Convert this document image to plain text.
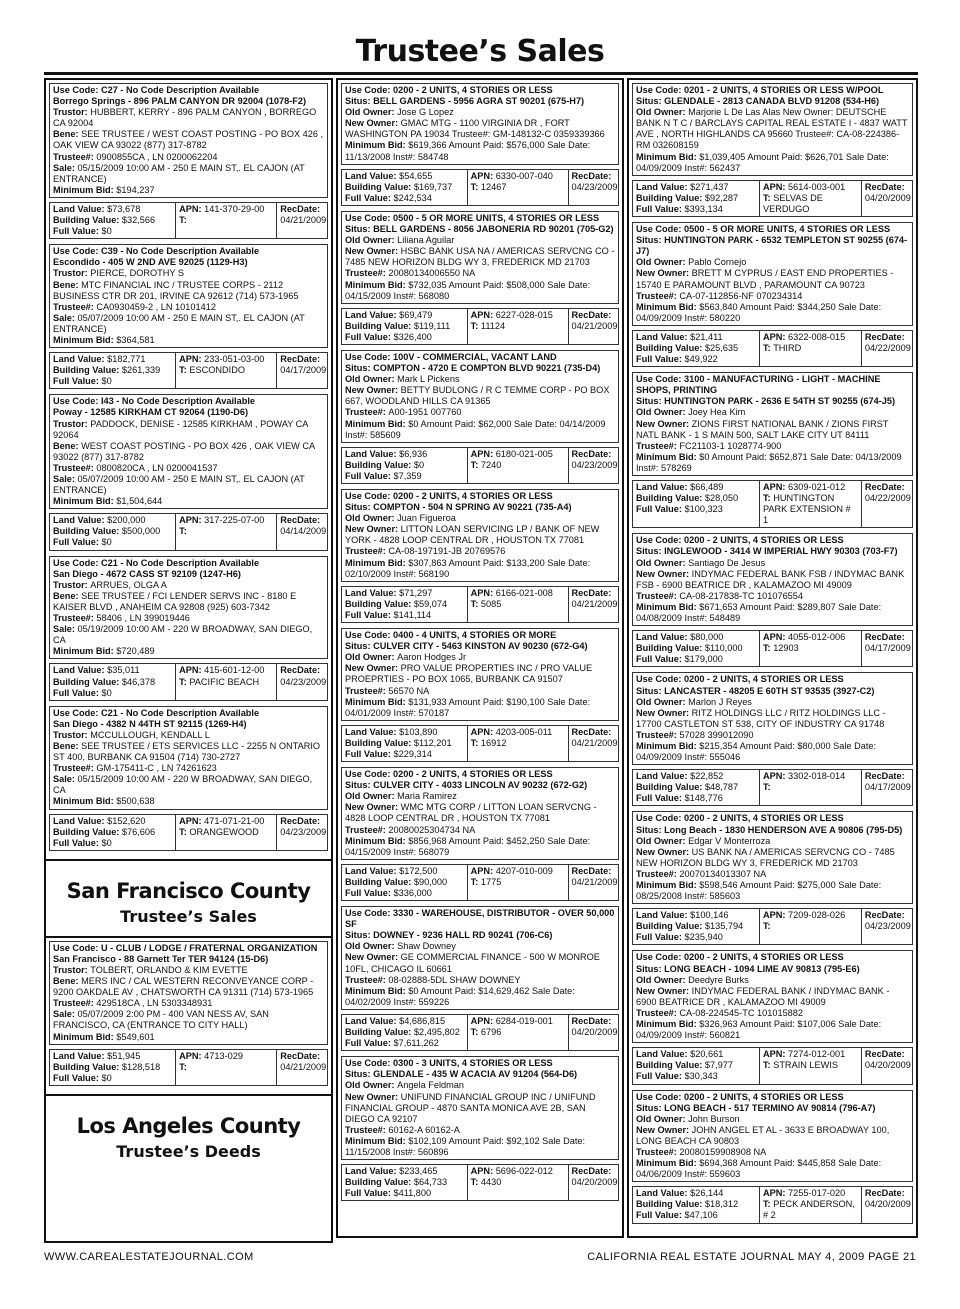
Trustee’s Sales
Use Code: C27 - No Code Description Available
Borrego Springs - 896 PALM CANYON DR 92004 (1078-F2)
Trustor: HUBBERT, KERRY - 896 PALM CANYON , BORREGO CA 92004
Bene: SEE TRUSTEE / WEST COAST POSTING - PO BOX 426 , OAK VIEW CA 93022 (877) 317-8782
Trustee#: 0900855CA , LN 0200062204
Sale: 05/15/2009 10:00 AM - 250 E MAIN ST,. EL CAJON (AT ENTRANCE)
Minimum Bid: $194,237
Land Value: $73,678
Building Value: $32,566
Full Value: $0
APN: 141-370-29-00
T:
RecDate:
04/21/2009
Use Code: C39 - No Code Description Available
Escondido - 405 W 2ND AVE 92025 (1129-H3)
Trustor: PIERCE, DOROTHY S
Bene: MTC FINANCIAL INC / TRUSTEE CORPS - 2112 BUSINESS CTR DR 201, IRVINE CA 92612 (714) 573-1965
Trustee#: CA0930459-2 , LN 10101412
Sale: 05/07/2009 10:00 AM - 250 E MAIN ST,. EL CAJON (AT ENTRANCE)
Minimum Bid: $364,581
Land Value: $182,771
Building Value: $261,339
Full Value: $0
APN: 233-051-03-00
T: ESCONDIDO
RecDate:
04/17/2009
Use Code: I43 - No Code Description Available
Poway - 12585 KIRKHAM CT 92064 (1190-D6)
Trustor: PADDOCK, DENISE - 12585 KIRKHAM , POWAY CA 92064
Bene: WEST COAST POSTING - PO BOX 426 , OAK VIEW CA 93022 (877) 317-8782
Trustee#: 0800820CA , LN 0200041537
Sale: 05/07/2009 10:00 AM - 250 E MAIN ST,. EL CAJON (AT ENTRANCE)
Minimum Bid: $1,504,644
Land Value: $200,000
Building Value: $500,000
Full Value: $0
APN: 317-225-07-00
T:
RecDate:
04/14/2009
Use Code: C21 - No Code Description Available
San Diego - 4672 CASS ST 92109 (1247-H6)
Trustor: ARRUES, OLGA A
Bene: SEE TRUSTEE / FCI LENDER SERVS INC - 8180 E KAISER BLVD , ANAHEIM CA 92808 (925) 603-7342
Trustee#: 58406 , LN 399019446
Sale: 05/19/2009 10:00 AM - 220 W BROADWAY, SAN DIEGO, CA
Minimum Bid: $720,489
Land Value: $35,011
Building Value: $46,378
Full Value: $0
APN: 415-601-12-00
T: PACIFIC BEACH
RecDate:
04/23/2009
Use Code: C21 - No Code Description Available
San Diego - 4382 N 44TH ST 92115 (1269-H4)
Trustor: MCCULLOUGH, KENDALL L
Bene: SEE TRUSTEE / ETS SERVICES LLC - 2255 N ONTARIO ST 400, BURBANK CA 91504 (714) 730-2727
Trustee#: GM-175411-C , LN 74261623
Sale: 05/15/2009 10:00 AM - 220 W BROADWAY, SAN DIEGO, CA
Minimum Bid: $500,638
Land Value: $152,620
Building Value: $76,606
Full Value: $0
APN: 471-071-21-00
T: ORANGEWOOD
RecDate:
04/23/2009
San Francisco County
Trustee’s Sales
Use Code: U - CLUB / LODGE / FRATERNAL ORGANIZATION
San Francisco - 88 Garnett Ter TER 94124 (15-D6)
Trustor: TOLBERT, ORLANDO & KIM EVETTE
Bene: MERS INC / CAL WESTERN RECONVEYANCE CORP - 9200 OAKDALE AV , CHATSWORTH CA 91311 (714) 573-1965
Trustee#: 429518CA , LN 5303348931
Sale: 05/07/2009 2:00 PM - 400 VAN NESS AV, SAN FRANCISCO, CA (ENTRANCE TO CITY HALL)
Minimum Bid: $549,601
Land Value: $51,945
Building Value: $128,518
Full Value: $0
APN: 4713-029
T:
RecDate:
04/21/2009
Los Angeles County
Trustee’s Deeds
Use Code: 0200 - 2 UNITS, 4 STORIES OR LESS
Situs: BELL GARDENS - 5956 AGRA ST 90201 (675-H7)
Old Owner: Jose G Lopez
New Owner: GMAC MTG - 1100 VIRGINIA DR , FORT WASHINGTON PA 19034 Trustee#: GM-148132-C 0359339366
Minimum Bid: $619,366 Amount Paid: $576,000 Sale Date: 11/13/2008 Inst#: 584748
Land Value: $54,655
Building Value: $169,737
Full Value: $242,534
APN: 6330-007-040
T: 12467
RecDate:
04/23/2009
Use Code: 0500 - 5 OR MORE UNITS, 4 STORIES OR LESS
Situs: BELL GARDENS - 8056 JABONERIA RD 90201 (705-G2)
Old Owner: Liliana Aguilar
New Owner: HSBC BANK USA NA / AMERICAS SERVCNG CO - 7485 NEW HORIZON BLDG WY 3, FREDERICK MD 21703
Trustee#: 20080134006550 NA
Minimum Bid: $732,035 Amount Paid: $508,000 Sale Date: 04/15/2009 Inst#: 568080
Land Value: $69,479
Building Value: $119,111
Full Value: $326,400
APN: 6227-028-015
T: 11124
RecDate:
04/21/2009
Use Code: 100V - COMMERCIAL, VACANT LAND
Situs: COMPTON - 4720 E COMPTON BLVD 90221 (735-D4)
Old Owner: Mark L Pickens
New Owner: BETTY BUDLONG / R C TEMME CORP - PO BOX 667, WOODLAND HILLS CA 91365
Trustee#: A00-1951 007760
Minimum Bid: $0 Amount Paid: $62,000 Sale Date: 04/14/2009 Inst#: 585609
Land Value: $6,936
Building Value: $0
Full Value: $7,359
APN: 6180-021-005
T: 7240
RecDate:
04/23/2009
Use Code: 0200 - 2 UNITS, 4 STORIES OR LESS
Situs: COMPTON - 504 N SPRING AV 90221 (735-A4)
Old Owner: Juan Figueroa
New Owner: LITTON LOAN SERVICING LP / BANK OF NEW YORK - 4828 LOOP CENTRAL DR , HOUSTON TX 77081
Trustee#: CA-08-197191-JB 20769576
Minimum Bid: $307,863 Amount Paid: $133,200 Sale Date: 02/10/2009 Inst#: 568190
Land Value: $71,297
Building Value: $59,074
Full Value: $141,114
APN: 6166-021-008
T: 5085
RecDate:
04/21/2009
Use Code: 0400 - 4 UNITS, 4 STORIES OR MORE
Situs: CULVER CITY - 5463 KINSTON AV 90230 (672-G4)
Old Owner: Aaron Hodges Jr
New Owner: PRO VALUE PROPERTIES INC / PRO VALUE PROEPRTIES - PO BOX 1065, BURBANK CA 91507
Trustee#: 56570 NA
Minimum Bid: $131,933 Amount Paid: $190,100 Sale Date: 04/01/2009 Inst#: 570187
Land Value: $103,890
Building Value: $112,201
Full Value: $229,314
APN: 4203-005-011
T: 16912
RecDate:
04/21/2009
Use Code: 0200 - 2 UNITS, 4 STORIES OR LESS
Situs: CULVER CITY - 4033 LINCOLN AV 90232 (672-G2)
Old Owner: Maria Ramirez
New Owner: WMC MTG CORP / LITTON LOAN SERVCNG - 4828 LOOP CENTRAL DR , HOUSTON TX 77081
Trustee#: 20080025304734 NA
Minimum Bid: $856,968 Amount Paid: $452,250 Sale Date: 04/15/2009 Inst#: 568079
Land Value: $172,500
Building Value: $90,000
Full Value: $336,000
APN: 4207-010-009
T: 1775
RecDate:
04/21/2009
Use Code: 3330 - WAREHOUSE, DISTRIBUTOR - OVER 50,000 SF
Situs: DOWNEY - 9236 HALL RD 90241 (706-C6)
Old Owner: Shaw Downey
New Owner: GE COMMERCIAL FINANCE - 500 W MONROE 10FL, CHICAGO IL 60661
Trustee#: 08-02888-5DL SHAW DOWNEY
Minimum Bid: $0 Amount Paid: $14,629,462 Sale Date: 04/02/2009 Inst#: 559226
Land Value: $4,686,815
Building Value: $2,495,802
Full Value: $7,611,262
APN: 6284-019-001
T: 6796
RecDate:
04/20/2009
Use Code: 0300 - 3 UNITS, 4 STORIES OR LESS
Situs: GLENDALE - 435 W ACACIA AV 91204 (564-D6)
Old Owner: Angela Feldman
New Owner: UNIFUND FINANCIAL GROUP INC / UNIFUND FINANCIAL GROUP - 4870 SANTA MONICA AVE 2B, SAN DIEGO CA 92107
Trustee#: 60162-A 60162-A
Minimum Bid: $102,109 Amount Paid: $92,102 Sale Date: 11/15/2008 Inst#: 560896
Land Value: $233,465
Building Value: $64,733
Full Value: $411,800
APN: 5696-022-012
T: 4430
RecDate:
04/20/2009
Use Code: 0201 - 2 UNITS, 4 STORIES OR LESS W/POOL
Situs: GLENDALE - 2813 CANADA BLVD 91208 (534-H6)
Old Owner: Marjorie L De Las Alas New Owner: DEUTSCHE BANK N T C / BARCLAYS CAPITAL REAL ESTATE I - 4837 WATT AVE , NORTH HIGHLANDS CA 95660 Trustee#: CA-08-224386-RM 032608159
Minimum Bid: $1,039,405 Amount Paid: $626,701 Sale Date: 04/09/2009 Inst#: 562437
Land Value: $271,437
Building Value: $92,287
Full Value: $393,134
APN: 5614-003-001
T: SELVAS DE VERDUGO
RecDate:
04/20/2009
Use Code: 0500 - 5 OR MORE UNITS, 4 STORIES OR LESS
Situs: HUNTINGTON PARK - 6532 TEMPLETON ST 90255 (674-J7)
Old Owner: Pablo Cornejo
New Owner: BRETT M CYPRUS / EAST END PROPERTIES - 15740 E PARAMOUNT BLVD , PARAMOUNT CA 90723
Trustee#: CA-07-112856-NF 070234314
Minimum Bid: $563,840 Amount Paid: $344,250 Sale Date: 04/09/2009 Inst#: 580220
Land Value: $21,411
Building Value: $25,635
Full Value: $49,922
APN: 6322-008-015
T: THIRD
RecDate:
04/22/2009
Use Code: 3100 - MANUFACTURING - LIGHT - MACHINE SHOPS, PRINTING
Situs: HUNTINGTON PARK - 2636 E 54TH ST 90255 (674-J5)
Old Owner: Joey Hea Kim
New Owner: ZIONS FIRST NATIONAL BANK / ZIONS FIRST NATL BANK - 1 S MAIN 500, SALT LAKE CITY UT 84111
Trustee#: FC21103-1 1028774-900
Minimum Bid: $0 Amount Paid: $652,871 Sale Date: 04/13/2009 Inst#: 578269
Land Value: $66,489
Building Value: $28,050
Full Value: $100,323
APN: 6309-021-012
T: HUNTINGTON PARK EXTENSION # 1
RecDate:
04/22/2009
Use Code: 0200 - 2 UNITS, 4 STORIES OR LESS
Situs: INGLEWOOD - 3414 W IMPERIAL HWY 90303 (703-F7)
Old Owner: Santiago De Jesus
New Owner: INDYMAC FEDERAL BANK FSB / INDYMAC BANK FSB - 6900 BEATRICE DR , KALAMAZOO MI 49009
Trustee#: CA-08-217838-TC 101076554
Minimum Bid: $671,653 Amount Paid: $289,807 Sale Date: 04/08/2009 Inst#: 548489
Land Value: $80,000
Building Value: $110,000
Full Value: $179,000
APN: 4055-012-006
T: 12903
RecDate:
04/17/2009
Use Code: 0200 - 2 UNITS, 4 STORIES OR LESS
Situs: LANCASTER - 48205 E 60TH ST 93535 (3927-C2)
Old Owner: Marlon J Reyes
New Owner: RITZ HOLDINGS LLC / RITZ HOLDINGS LLC - 17700 CASTLETON ST 538, CITY OF INDUSTRY CA 91748
Trustee#: 57028 399012090
Minimum Bid: $215,354 Amount Paid: $80,000 Sale Date: 04/09/2009 Inst#: 555046
Land Value: $22,852
Building Value: $48,787
Full Value: $148,776
APN: 3302-018-014
T:
RecDate:
04/17/2009
Use Code: 0200 - 2 UNITS, 4 STORIES OR LESS
Situs: Long Beach - 1830 HENDERSON AVE A 90806 (795-D5)
Old Owner: Edgar V Monterroza
New Owner: US BANK NA / AMERICAS SERVCNG CO - 7485 NEW HORIZON BLDG WY 3, FREDERICK MD 21703
Trustee#: 20070134013307 NA
Minimum Bid: $598,546 Amount Paid: $275,000 Sale Date: 08/25/2008 Inst#: 585603
Land Value: $100,146
Building Value: $135,794
Full Value: $235,940
APN: 7209-028-026
T:
RecDate:
04/23/2009
Use Code: 0200 - 2 UNITS, 4 STORIES OR LESS
Situs: LONG BEACH - 1094 LIME AV 90813 (795-E6)
Old Owner: Deedyre Burks
New Owner: INDYMAC FEDERAL BANK / INDYMAC BANK - 6900 BEATRICE DR , KALAMAZOO MI 49009
Trustee#: CA-08-224545-TC 101015882
Minimum Bid: $326,963 Amount Paid: $107,006 Sale Date: 04/09/2009 Inst#: 560821
Land Value: $20,661
Building Value: $7,977
Full Value: $30,343
APN: 7274-012-001
T: STRAIN LEWIS
RecDate:
04/20/2009
Use Code: 0200 - 2 UNITS, 4 STORIES OR LESS
Situs: LONG BEACH - 517 TERMINO AV 90814 (796-A7)
Old Owner: John Burson
New Owner: JOHN ANGEL ET AL - 3633 E BROADWAY 100, LONG BEACH CA 90803
Trustee#: 20080159908908 NA
Minimum Bid: $694,368 Amount Paid: $445,858 Sale Date: 04/06/2009 Inst#: 559603
Land Value: $26,144
Building Value: $18,312
Full Value: $47,106
APN: 7255-017-020
T: PECK ANDERSON, # 2
RecDate:
04/20/2009
WWW.CAREALESTATEJOURNAL.COM	CALIFORNIA REAL ESTATE JOURNAL MAY 4, 2009 PAGE 21
